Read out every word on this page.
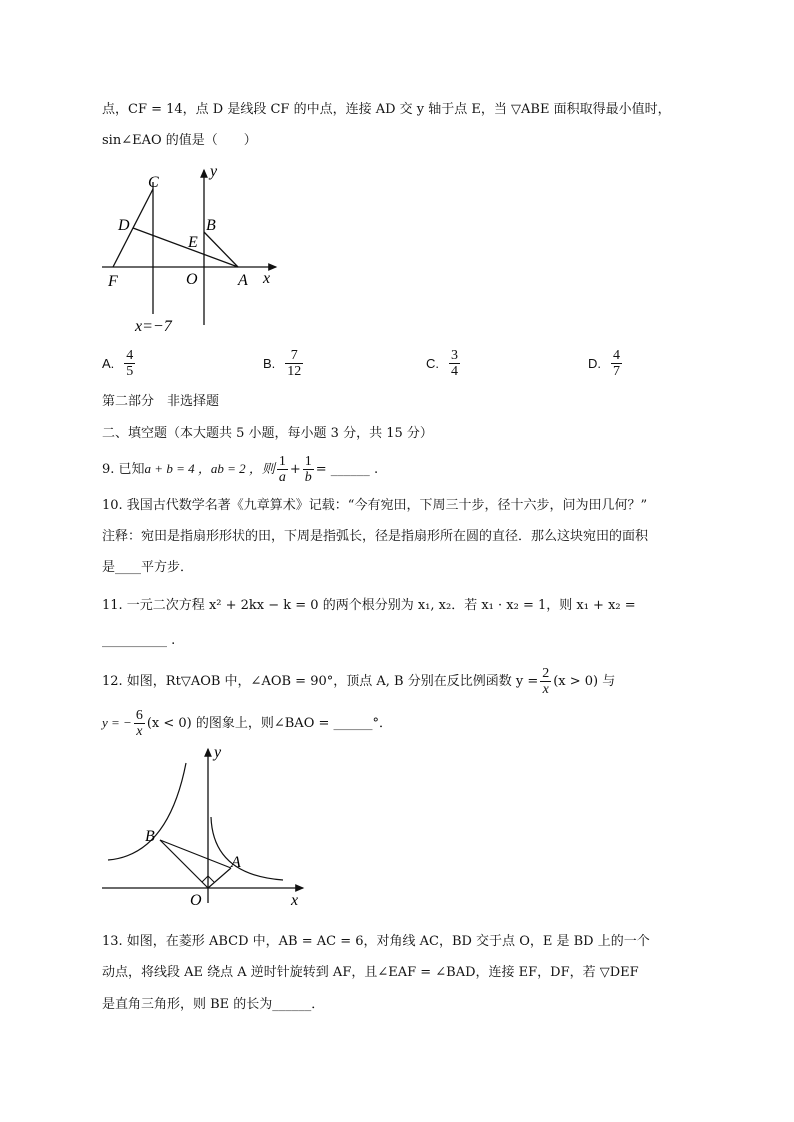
点，CF = 14，点 D 是线段 CF 的中点，连接 AD 交 y 轴于点 E，当 ▽ABE 面积取得最小值时，
sin∠EAO 的值是（　　）
C
D	B
E
F	O	A x
y
x=−7
A. $\frac{4}{5}$	B. $\frac{7}{12}$	C. $\frac{3}{4}$	D. $\frac{4}{7}$
第二部分　非选择题
二、填空题（本大题共 5 小题，每小题 3 分，共 15 分）
9. 已知a + b = 4 ，ab = 2 ，则 $\frac{1}{a} + \frac{1}{b}$ = ______ .
10. 我国古代数学名著《九章算术》记载：“今有宛田，下周三十步，径十六步，问为田几何？”
注释：宛田是指扇形形状的田，下周是指弧长，径是指扇形所在圆的直径．那么这块宛田的面积
是____平方步．
11. 一元二次方程 x² + 2kx − k = 0 的两个根分别为 x₁, x₂．若 x₁ · x₂ = 1，则 x₁ + x₂ =
__________ .
12. 如图，Rt▽AOB 中，∠AOB = 90°，顶点 A, B 分别在反比例函数 $y = \frac{2}{x} (x > 0)$ 与
y = − $\frac{6}{x} (x < 0)$ 的图象上，则∠BAO = ______°．
B
A
O	x
y
13. 如图，在菱形 ABCD 中，AB = AC = 6，对角线 AC，BD 交于点 O，E 是 BD 上的一个
动点，将线段 AE 绕点 A 逆时针旋转到 AF，且∠EAF = ∠BAD，连接 EF，DF，若 ▽DEF
是直角三角形，则 BE 的长为______．
